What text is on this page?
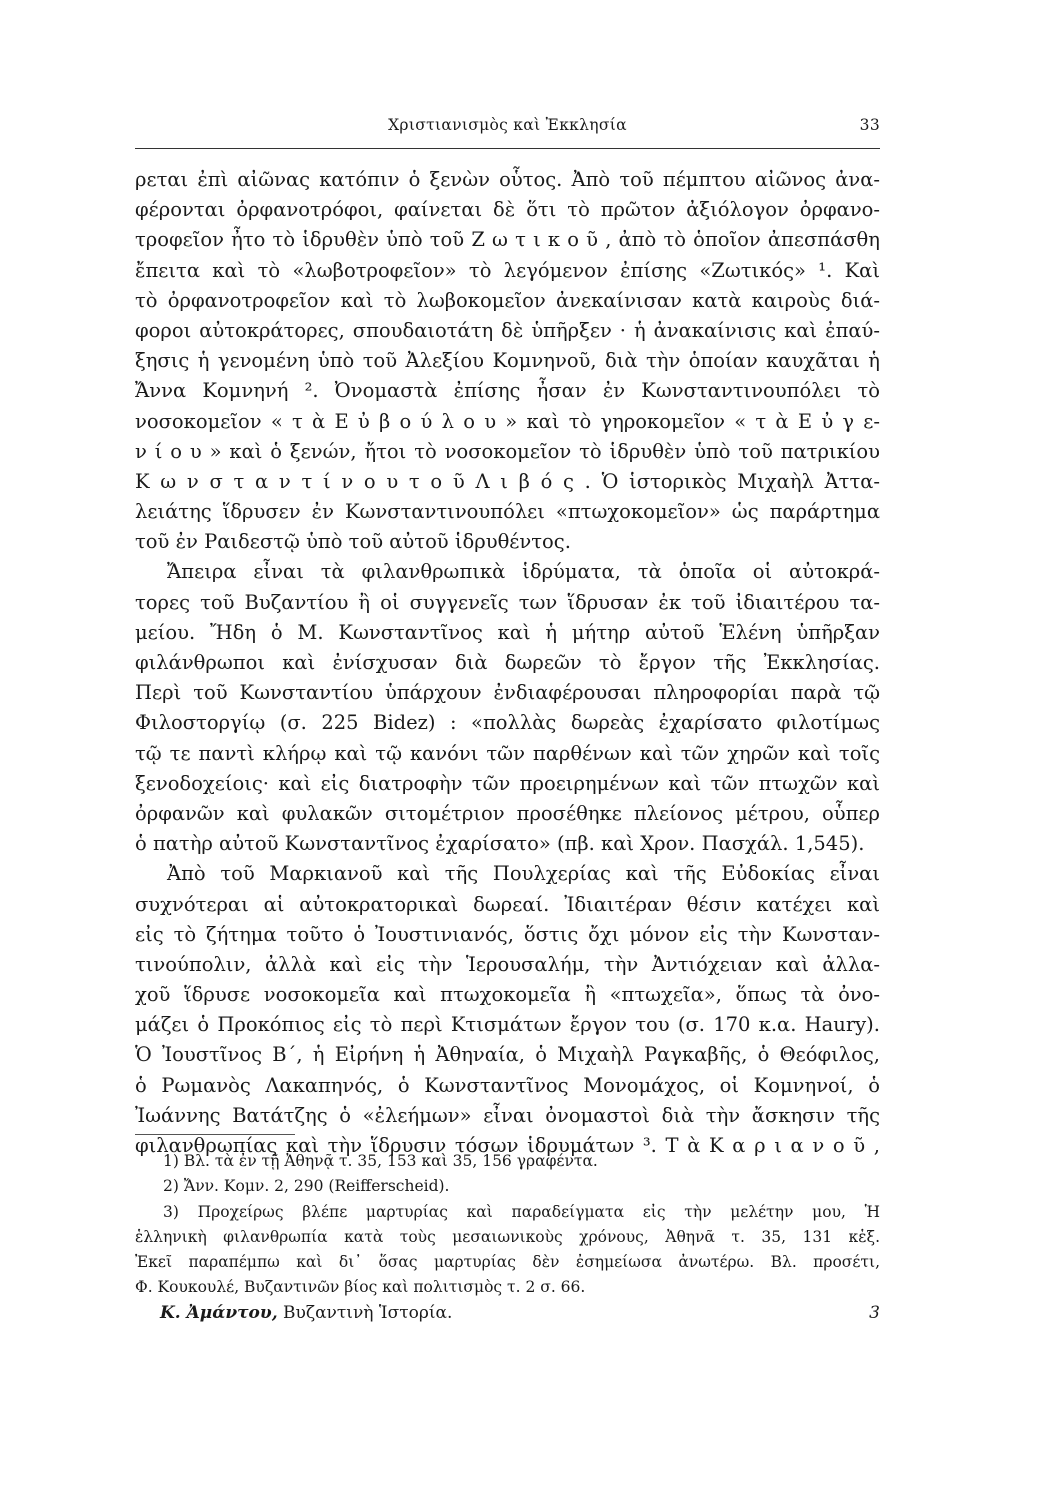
Χριστιανισμὸς καὶ Ἐκκλησία	33
ρεται ἐπὶ αἰῶνας κατόπιν ὁ ξενὼν οὗτος. Ἀπὸ τοῦ πέμπτου αἰῶνος ἀνα-
φέρονται ὀρφανοτρόφοι, φαίνεται δὲ ὅτι τὸ πρῶτον ἀξιόλογον ὀρφανο-
τροφεῖον ἦτο τὸ ἱδρυθὲν ὑπὸ τοῦ Ζ ω τ ι κ ο ῦ , ἀπὸ τὸ ὁποῖον ἀπεσπάσθη
ἔπειτα καὶ τὸ «λωβοτροφεῖον» τὸ λεγόμενον ἐπίσης «Ζωτικός» ¹. Καὶ
τὸ ὀρφανοτροφεῖον καὶ τὸ λωβοκομεῖον ἀνεκαίνισαν κατὰ καιροὺς διά-
φοροι αὐτοκράτορες, σπουδαιοτάτη δὲ ὑπῆρξεν · ἡ ἀνακαίνισις καὶ ἐπαύ-
ξησις ἡ γενομένη ὑπὸ τοῦ Ἀλεξίου Κομνηνοῦ, διὰ τὴν ὁποίαν καυχᾶται ἡ
Ἄννα Κομνηνή ². Ὀνομαστὰ ἐπίσης ἦσαν ἐν Κωνσταντινουπόλει τὸ
νοσοκομεῖον « τ ὰ Ε ὐ β ο ύ λ ο υ » καὶ τὸ γηροκομεῖον « τ ὰ Ε ὐ γ ε-
ν ί ο υ » καὶ ὁ ξενών, ἤτοι τὸ νοσοκομεῖον τὸ ἱδρυθὲν ὑπὸ τοῦ πατρικίου
Κ ω ν σ τ α ν τ ί ν ο υ τ ο ῦ Λ ι β ό ς . Ὁ ἱστορικὸς Μιχαὴλ Ἀττα-
λειάτης ἵδρυσεν ἐν Κωνσταντινουπόλει «πτωχοκομεῖον» ὡς παράρτημα
τοῦ ἐν Ραιδεστῷ ὑπὸ τοῦ αὐτοῦ ἱδρυθέντος.
Ἄπειρα εἶναι τὰ φιλανθρωπικὰ ἱδρύματα, τὰ ὁποῖα οἱ αὐτοκρά-
τορες τοῦ Βυζαντίου ἢ οἱ συγγενεῖς των ἵδρυσαν ἐκ τοῦ ἰδιαιτέρου τα-
μείου. Ἤδη ὁ Μ. Κωνσταντῖνος καὶ ἡ μήτηρ αὐτοῦ Ἑλένη ὑπῆρξαν
φιλάνθρωποι καὶ ἐνίσχυσαν διὰ δωρεῶν τὸ ἔργον τῆς Ἐκκλησίας.
Περὶ τοῦ Κωνσταντίου ὑπάρχουν ἐνδιαφέρουσαι πληροφορίαι παρὰ τῷ
Φιλοστοργίῳ (σ. 225 Bidez) : «πολλὰς δωρεὰς ἐχαρίσατο φιλοτίμως
τῷ τε παντὶ κλήρῳ καὶ τῷ κανόνι τῶν παρθένων καὶ τῶν χηρῶν καὶ τοῖς
ξενοδοχείοις· καὶ εἰς διατροφὴν τῶν προειρημένων καὶ τῶν πτωχῶν καὶ
ὀρφανῶν καὶ φυλακῶν σιτομέτριον προσέθηκε πλείονος μέτρου, οὗπερ
ὁ πατὴρ αὐτοῦ Κωνσταντῖνος ἐχαρίσατο» (πβ. καὶ Χρον. Πασχάλ. 1,545).
Ἀπὸ τοῦ Μαρκιανοῦ καὶ τῆς Πουλχερίας καὶ τῆς Εὐδοκίας εἶναι
συχνότεραι αἱ αὐτοκρατορικαὶ δωρεαί. Ἰδιαιτέραν θέσιν κατέχει καὶ
εἰς τὸ ζήτημα τοῦτο ὁ Ἰουστινιανός, ὅστις ὄχι μόνον εἰς τὴν Κωνσταν-
τινούπολιν, ἀλλὰ καὶ εἰς τὴν Ἱερουσαλήμ, τὴν Ἀντιόχειαν καὶ ἀλλα-
χοῦ ἵδρυσε νοσοκομεῖα καὶ πτωχοκομεῖα ἢ «πτωχεῖα», ὅπως τὰ ὀνο-
μάζει ὁ Προκόπιος εἰς τὸ περὶ Κτισμάτων ἔργον του (σ. 170 κ.α. Haury).
Ὁ Ἰουστῖνος Β΄, ἡ Εἰρήνη ἡ Ἀθηναία, ὁ Μιχαὴλ Ραγκαβῆς, ὁ Θεόφιλος,
ὁ Ρωμανὸς Λακαπηνός, ὁ Κωνσταντῖνος Μονομάχος, οἱ Κομνηνοί, ὁ
Ἰωάννης Βατάτζης ὁ «ἐλεήμων» εἶναι ὀνομαστοὶ διὰ τὴν ἄσκησιν τῆς
φιλανθρωπίας καὶ τὴν ἵδρυσιν τόσων ἱδρυμάτων ³. Τ ὰ Κ α ρ ι α ν ο ῦ ,
1) Βλ. τὰ ἐν τῇ Ἀθηνᾷ τ. 35, 153 καὶ 35, 156 γραφέντα.
2) Ἄνν. Κομν. 2, 290 (Reifferscheid).
3) Προχείρως βλέπε μαρτυρίας καὶ παραδείγματα εἰς τὴν μελέτην μου, Ἡ
ἑλληνικὴ φιλανθρωπία κατὰ τοὺς μεσαιωνικοὺς χρόνους, Ἀθηνᾶ τ. 35, 131 κἑξ.
Ἐκεῖ παραπέμπω καὶ δι᾿ ὅσας μαρτυρίας δὲν ἐσημείωσα ἀνωτέρω. Βλ. προσέτι,
Φ. Κουκουλέ, Βυζαντινῶν βίος καὶ πολιτισμὸς τ. 2 σ. 66.
Κ. Ἀμάντου, Βυζαντινὴ Ἱστορία.	3
